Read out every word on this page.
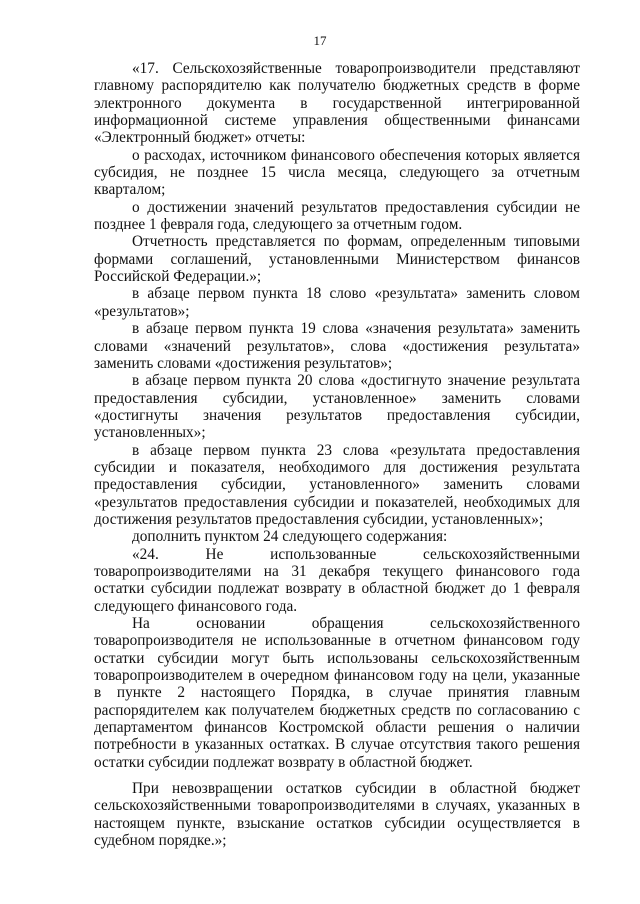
17

«17. Сельскохозяйственные товаропроизводители представляют главному распорядителю как получателю бюджетных средств в форме электронного документа в государственной интегрированной информационной системе управления общественными финансами «Электронный бюджет» отчеты:

о расходах, источником финансового обеспечения которых является субсидия, не позднее 15 числа месяца, следующего за отчетным кварталом;

о достижении значений результатов предоставления субсидии не позднее 1 февраля года, следующего за отчетным годом.

Отчетность представляется по формам, определенным типовыми формами соглашений, установленными Министерством финансов Российской Федерации.»;

в абзаце первом пункта 18 слово «результата» заменить словом «результатов»;

в абзаце первом пункта 19 слова «значения результата» заменить словами «значений результатов», слова «достижения результата» заменить словами «достижения результатов»;

в абзаце первом пункта 20 слова «достигнуто значение результата предоставления субсидии, установленное» заменить словами «достигнуты значения результатов предоставления субсидии, установленных»;

в абзаце первом пункта 23 слова «результата предоставления субсидии и показателя, необходимого для достижения результата предоставления субсидии, установленного» заменить словами «результатов предоставления субсидии и показателей, необходимых для достижения результатов предоставления субсидии, установленных»;

дополнить пунктом 24 следующего содержания:

«24. Не использованные сельскохозяйственными товаропроизводителями на 31 декабря текущего финансового года остатки субсидии подлежат возврату в областной бюджет до 1 февраля следующего финансового года.

На основании обращения сельскохозяйственного товаропроизводителя не использованные в отчетном финансовом году остатки субсидии могут быть использованы сельскохозяйственным товаропроизводителем в очередном финансовом году на цели, указанные в пункте 2 настоящего Порядка, в случае принятия главным распорядителем как получателем бюджетных средств по согласованию с департаментом финансов Костромской области решения о наличии потребности в указанных остатках. В случае отсутствия такого решения остатки субсидии подлежат возврату в областной бюджет.

При невозвращении остатков субсидии в областной бюджет сельскохозяйственными товаропроизводителями в случаях, указанных в настоящем пункте, взыскание остатков субсидии осуществляется в судебном порядке.»;
